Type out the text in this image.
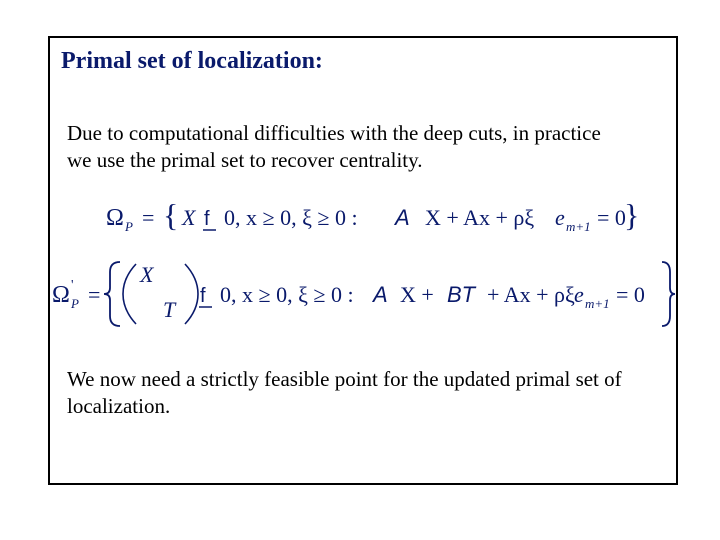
Primal set of localization:
Due to computational difficulties with the deep cuts, in practice we use the primal set to recover centrality.
Ω P = { X f 0, x ≥ 0, ξ ≥ 0 : A X + Ax + ρξ e m+1 = 0
}
Ω '
P =
X
T
f 0, x ≥ 0, ξ ≥ 0 : A X + BT + Ax + ρξ e m+1 = 0
We now need a strictly feasible point for the updated primal set of localization.
